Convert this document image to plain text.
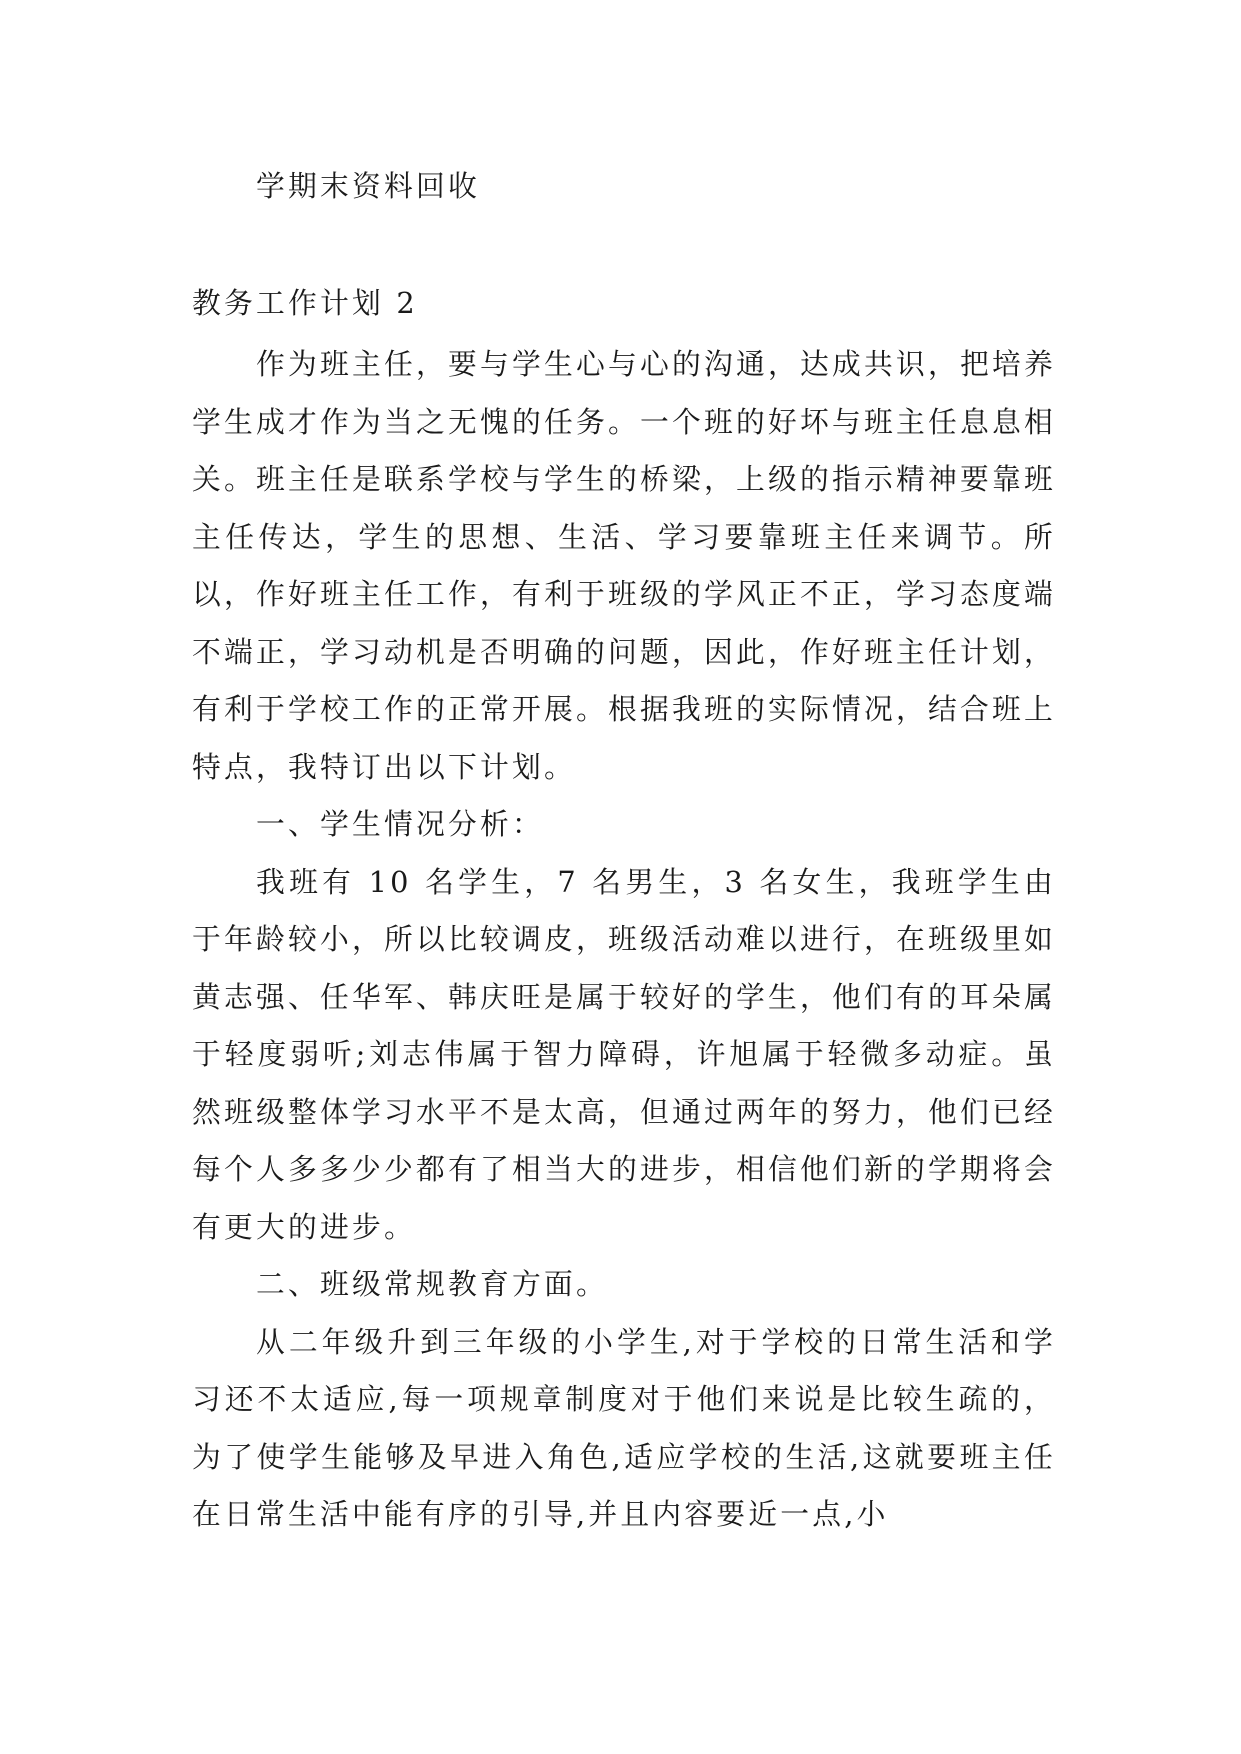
学期末资料回收

教务工作计划 2

作为班主任，要与学生心与心的沟通，达成共识，把培养学生成才作为当之无愧的任务。一个班的好坏与班主任息息相关。班主任是联系学校与学生的桥梁，上级的指示精神要靠班主任传达，学生的思想、生活、学习要靠班主任来调节。所以，作好班主任工作，有利于班级的学风正不正，学习态度端不端正，学习动机是否明确的问题，因此，作好班主任计划，有利于学校工作的正常开展。根据我班的实际情况，结合班上特点，我特订出以下计划。

一、学生情况分析：

我班有 10 名学生，7 名男生，3 名女生，我班学生由于年龄较小，所以比较调皮，班级活动难以进行，在班级里如黄志强、任华军、韩庆旺是属于较好的学生，他们有的耳朵属于轻度弱听;刘志伟属于智力障碍，许旭属于轻微多动症。虽然班级整体学习水平不是太高，但通过两年的努力，他们已经每个人多多少少都有了相当大的进步，相信他们新的学期将会有更大的进步。

二、班级常规教育方面。

从二年级升到三年级的小学生,对于学校的日常生活和学习还不太适应,每一项规章制度对于他们来说是比较生疏的，为了使学生能够及早进入角色,适应学校的生活,这就要班主任在日常生活中能有序的引导,并且内容要近一点,小
